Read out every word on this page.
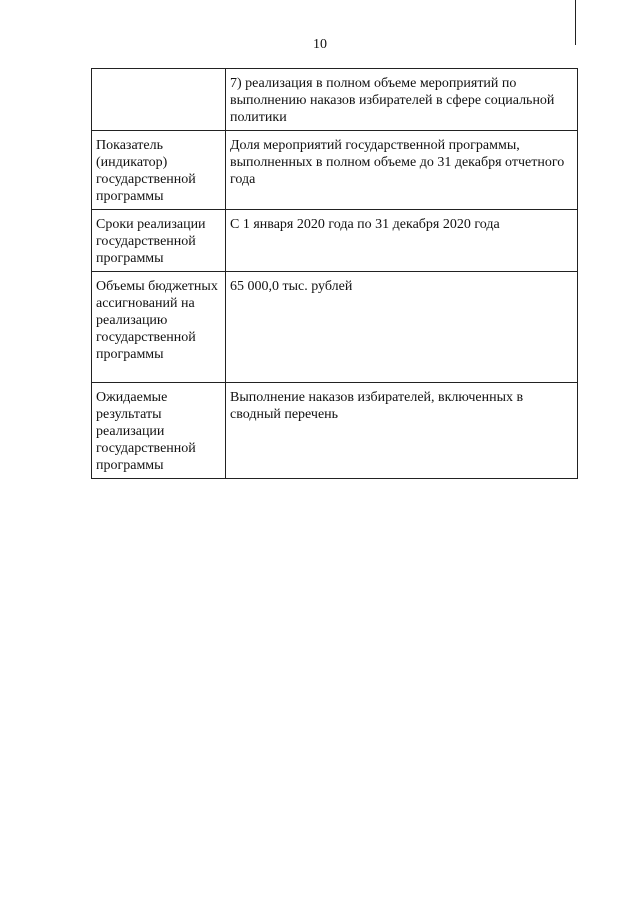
10
	7) реализация в полном объеме мероприятий по выполнению наказов избирателей в сфере социальной политики
Показатель (индикатор) государственной программы	Доля мероприятий государственной программы, выполненных в полном объеме до 31 декабря отчетного года
Сроки реализации государственной программы	С 1 января 2020 года по 31 декабря 2020 года
Объемы бюджетных ассигнований на реализацию государственной программы	65 000,0 тыс. рублей
Ожидаемые результаты реализации государственной программы	Выполнение наказов избирателей, включенных в сводный перечень
